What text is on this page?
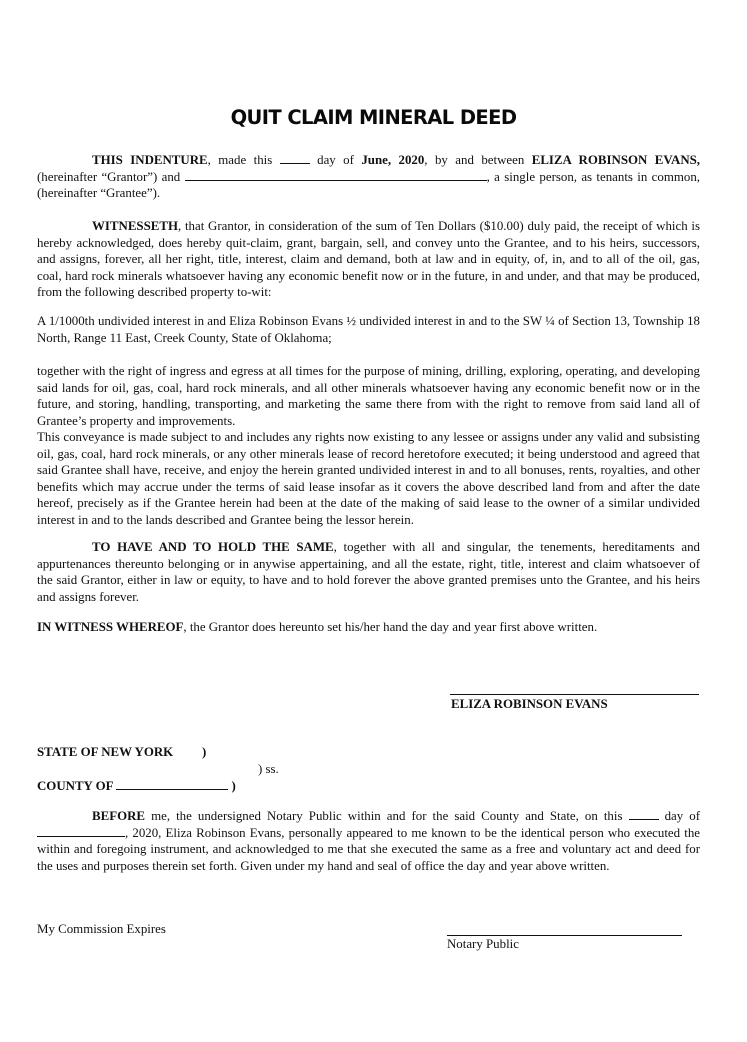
QUIT CLAIM MINERAL DEED
THIS INDENTURE, made this  day of June, 2020, by and between ELIZA ROBINSON EVANS, (hereinafter “Grantor”) and	, a single person, as tenants in common, (hereinafter “Grantee”).
WITNESSETH, that Grantor, in consideration of the sum of Ten Dollars ($10.00) duly paid, the receipt of which is hereby acknowledged, does hereby quit-claim, grant, bargain, sell, and convey unto the Grantee, and to his heirs, successors, and assigns, forever, all her right, title, interest, claim and demand, both at law and in equity, of, in, and to all of the oil, gas, coal, hard rock minerals whatsoever having any economic benefit now or in the future, in and under, and that may be produced, from the following described property to-wit:
A 1/1000th undivided interest in and Eliza Robinson Evans ½ undivided interest in and to the SW ¼ of Section 13, Township 18 North, Range 11 East, Creek County, State of Oklahoma;
together with the right of ingress and egress at all times for the purpose of mining, drilling, exploring, operating, and developing said lands for oil, gas, coal, hard rock minerals, and all other minerals whatsoever having any economic benefit now or in the future, and storing, handling, transporting, and marketing the same there from with the right to remove from said land all of Grantee’s property and improvements.
This conveyance is made subject to and includes any rights now existing to any lessee or assigns under any valid and subsisting oil, gas, coal, hard rock minerals, or any other minerals lease of record heretofore executed; it being understood and agreed that said Grantee shall have, receive, and enjoy the herein granted undivided interest in and to all bonuses, rents, royalties, and other benefits which may accrue under the terms of said lease insofar as it covers the above described land from and after the date hereof, precisely as if the Grantee herein had been at the date of the making of said lease to the owner of a similar undivided interest in and to the lands described and Grantee being the lessor herein.
TO HAVE AND TO HOLD THE SAME, together with all and singular, the tenements, hereditaments and appurtenances thereunto belonging or in anywise appertaining, and all the estate, right, title, interest and claim whatsoever of the said Grantor, either in law or equity, to have and to hold forever the above granted premises unto the Grantee, and his heirs and assigns forever.
IN WITNESS WHEREOF, the Grantor does hereunto set his/her hand the day and year first above written.
ELIZA ROBINSON EVANS
STATE OF NEW YORK )
) ss.
COUNTY OF	)
BEFORE me, the undersigned Notary Public within and for the said County and State, on this  day of , 2020, Eliza Robinson Evans, personally appeared to me known to be the identical person who executed the within and foregoing instrument, and acknowledged to me that she executed the same as a free and voluntary act and deed for the uses and purposes therein set forth. Given under my hand and seal of office the day and year above written.
My Commission Expires
Notary Public
